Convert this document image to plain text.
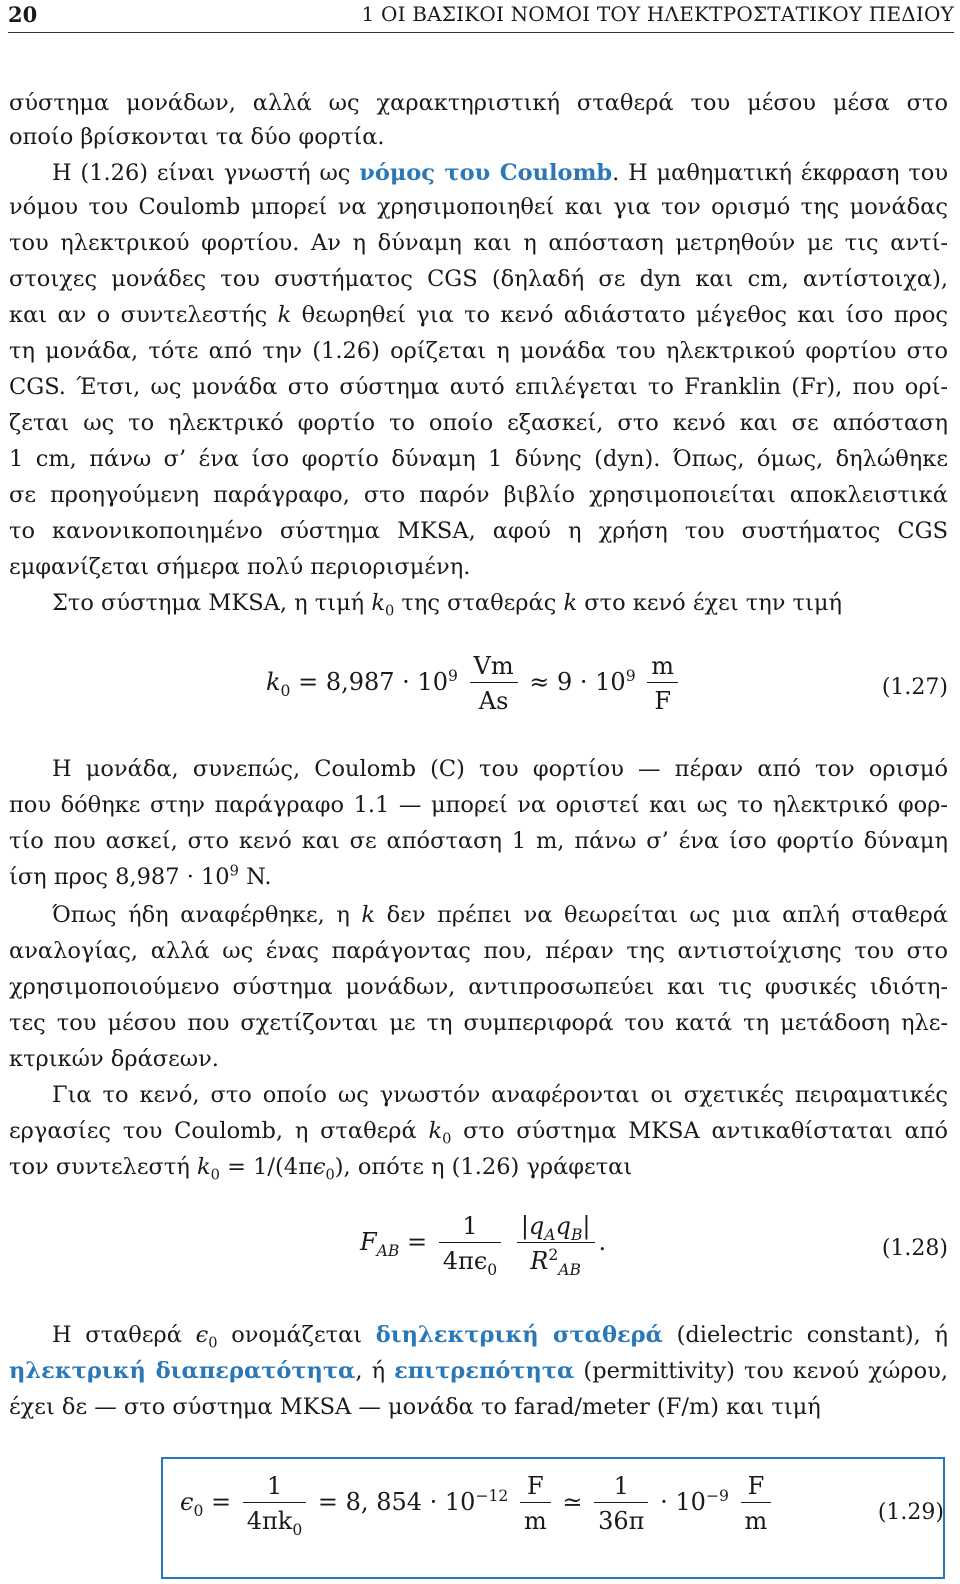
20	1 ΟΙ ΒΑΣΙΚΟΙ ΝΟΜΟΙ ΤΟΥ ΗΛΕΚΤΡΟΣΤΑΤΙΚΟΥ ΠΕΔΙΟΥ
σύστημα μονάδων, αλλά ως χαρακτηριστική σταθερά του μέσου μέσα στο
οποίο βρίσκονται τα δύο φορτία.
Η (1.26) είναι γνωστή ως νόμος του Coulomb. Η μαθηματική έκφραση του
νόμου του Coulomb μπορεί να χρησιμοποιηθεί και για τον ορισμό της μονάδας
του ηλεκτρικού φορτίου. Αν η δύναμη και η απόσταση μετρηθούν με τις αντί-
στοιχες μονάδες του συστήματος CGS (δηλαδή σε dyn και cm, αντίστοιχα),
και αν ο συντελεστής k θεωρηθεί για το κενό αδιάστατο μέγεθος και ίσο προς
τη μονάδα, τότε από την (1.26) ορίζεται η μονάδα του ηλεκτρικού φορτίου στο
CGS. Έτσι, ως μονάδα στο σύστημα αυτό επιλέγεται το Franklin (Fr), που ορί-
ζεται ως το ηλεκτρικό φορτίο το οποίο εξασκεί, στο κενό και σε απόσταση
1 cm, πάνω σ’ ένα ίσο φορτίο δύναμη 1 δύνης (dyn). Όπως, όμως, δηλώθηκε
σε προηγούμενη παράγραφο, στο παρόν βιβλίο χρησιμοποιείται αποκλειστικά
το κανονικοποιημένο σύστημα MKSA, αφού η χρήση του συστήματος CGS
εμφανίζεται σήμερα πολύ περιορισμένη.
Στο σύστημα MKSA, η τιμή $k_0$ της σταθεράς k στο κενό έχει την τιμή
$k_0 = 8,987 \cdot 10^9 \frac{Vm}{As} \approx 9 \cdot 10^9 \frac{m}{F}$	(1.27)
Η μονάδα, συνεπώς, Coulomb (C) του φορτίου — πέραν από τον ορισμό
που δόθηκε στην παράγραφο 1.1 — μπορεί να οριστεί και ως το ηλεκτρικό φορ-
τίο που ασκεί, στο κενό και σε απόσταση 1 m, πάνω σ’ ένα ίσο φορτίο δύναμη
ίση προς $8,987 \cdot 10^9$ N.
Όπως ήδη αναφέρθηκε, η k δεν πρέπει να θεωρείται ως μια απλή σταθερά
αναλογίας, αλλά ως ένας παράγοντας που, πέραν της αντιστοίχισης του στο
χρησιμοποιούμενο σύστημα μονάδων, αντιπροσωπεύει και τις φυσικές ιδιότη-
τες του μέσου που σχετίζονται με τη συμπεριφορά του κατά τη μετάδοση ηλε-
κτρικών δράσεων.
Για το κενό, στο οποίο ως γνωστόν αναφέρονται οι σχετικές πειραματικές
εργασίες του Coulomb, η σταθερά $k_0$ στο σύστημα MKSA αντικαθίσταται από
τον συντελεστή $k_0 = 1/(4\pi\epsilon_0)$, οπότε η (1.26) γράφεται
$F_{AB} = \frac{1}{4\pi\epsilon_0}$
$\frac{|q_Aq_B|}{R^2_{AB}}$ .	(1.28)
Η σταθερά $\epsilon_0$ ονομάζεται διηλεκτρική σταθερά (dielectric constant), ή
ηλεκτρική διαπερατότητα, ή επιτρεπότητα (permittivity) του κενού χώρου,
έχει δε — στο σύστημα MKSA — μονάδα το farad/meter (F/m) και τιμή
$\epsilon_0 = \frac{1}{4\pi k_0} = 8$, $854 \cdot 10^{-12} \frac{F}{m}$ ≃ $\frac{1}{36\pi} \cdot 10^{-9} \frac{F}{m}$	(1.29)
